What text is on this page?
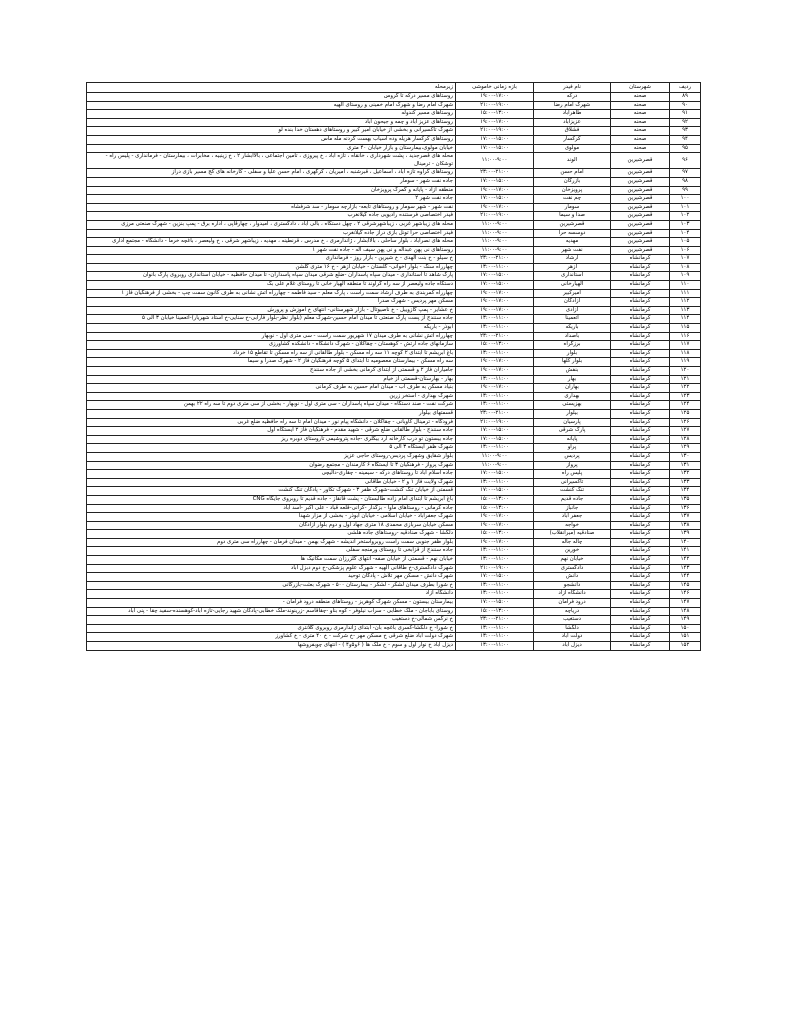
ردیف	شهرستان	نام فیدر	بازه زمانی خاموشی	زیرمحله
۸۹	صحنه	درکه	۱۹:۰۰-۱۷:۰۰	روستاهای مسیر درکه تا گروس
۹۰	صحنه	شهرک امام رضا	۲۱:۰۰-۱۹:۰۰	شهرک امام رضا و شهرک امام خمینی و روستای الهیه
۹۱	صحنه	طاهرآباد	۱۵:۰۰-۱۳:۰۰	روستاهای مسیر کندوله
۹۲	صحنه	عزیزآباد	۱۹:۰۰-۱۷:۰۰	روستاهای عزیز اباد و چمه و جیحون اباد
۹۳	صحنه	فشلاق	۲۱:۰۰-۱۹:۰۰	شهرک تاکسیرانی و بخشی از خیابان امیر کبیر و روستاهای دهستان خدا بنده لو
۹۴	صحنه	کرکسار	۱۷:۰۰-۱۵:۰۰	روستاهای کرکسار هریله وده اسیاب بهست گردنه مله ماس
۹۵	صحنه	مولوی	۱۷:۰۰-۱۵:۰۰	خیابان مولوی،بیمارستان و بازار خیابان ۴۰ متری
۹۶	قصرشیرین	الوند	۱۱:۰۰-۹:۰۰	محله های قصرجدید ، پشت شهرداری ، خانقاه ، تازه آباد ، خ پیروزی ، تامین اجتماعی ، بالاآبشار ۲ ، خ زینبیه ، مخابرات ، بیمارستان - فرمانداری - پلیس راه - توشکان - ترمینال
۹۷	قصرشیرین	امام حسن	۲۳:۰۰-۲۱:۰۰	روستاهای گراوه تازه آباد ، اسماعیل ، قبرشنبه ، امیریان ، کرگهری ، امام حسن علیا و سفلی - کارخانه های کج مسیر بازی دراز
۹۸	قصرشیرین	بازرگان	۱۷:۰۰-۱۵:۰۰	جاده نفت شهر - سومار
۹۹	قصرشیرین	پرویزخان	۱۹:۰۰-۱۷:۰۰	منطقه آزاد - پایانه و گمرک پرویزخان
۱۰۰	قصرشیرین	چم نفت	۱۷:۰۰-۱۵:۰۰	جاده نفت شهر ۲
۱۰۱	قصرشیرین	سومار	۱۹:۰۰-۱۷:۰۰	نفت شهر - شهر سومار و روستاهای تابعه- بازارچه سومار - سد شرفشاه
۱۰۲	قصرشیرین	صدا و سیما	۲۱:۰۰-۱۹:۰۰	فیدر اختصاصی فرستنده رادیویی جاده گیلانغرب
۱۰۳	قصرشیرین	قصرشیرین	۱۱:۰۰-۹:۰۰	محله های زیباشهر غربی ، زیباشهرشرقی ۲ ، چهل دستگاه ، بالی آباد ، دادگستری ، امیدوار ، چهارقاپی ، اداره برق - پمپ بنزین - شهرک صنعتی مرزی
۱۰۴	قصرشیرین	دوسسه حرا	۱۱:۰۰-۹:۰۰	فیدر اختصاصی حرا تونل بازی دراز جاده گیلانغرب
۱۰۵	قصرشیرین	مهدیه	۱۱:۰۰-۹:۰۰	محله های نصرآباد ، بلوار ساحلی ، بالاآبشار ، ژاندارمری ، خ مدرس ، قرنطینه ، مهدیه ، زیباشهر شرقی ، خ ولیعصر ، باغچه خرما - دانشگاه - مجتمع اداری
۱۰۶	قصرشیرین	نفت شهر	۱۱:۰۰-۹:۰۰	روستاهای نی پهن عبداله و نی پهن سیف اله - جاده نفت شهر ۱
۱۰۷	کرمانشاه	ارشاد	۲۳:۰۰-۲۱:۰۰	خ سیلو - خ بنت الهدی - خ شیرین - بازار روز - فرمانداری
۱۰۸	کرمانشاه	ازهر	۱۳:۰۰-۱۱:۰۰	چهارراه سنگ - بلوار اخوانی- گلستان - خیابان ازهر - خ ۱۶ متری گلشن
۱۰۹	کرمانشاه	استانداری	۱۷:۰۰-۱۵:۰۰	پارک شاهد تا استانداری - میدان سپاه پاسداران -ضلع شرقی میدان سپاه پاسداران- تا میدان حافظیه - خیابان استانداری روبروی پارک بانوان
۱۱۰	کرمانشاه	الهیارخانی	۱۷:۰۰-۱۵:۰۰	دستگاه جاده ولیعصر از سه راه گراوند تا منطقه الهیار خانی تا روستای غلام علی بگ
۱۱۱	کرمانشاه	امیرکبیر	۱۹:۰۰-۱۷:۰۰	چهارراه کمربندی به طرف ارشاد سمت راست ، پارک معلم - سید فاطمه - چهارراه آتش نشانی به طرف کانون سمت چپ - بخشی از فرهنگیان فاز ۱
۱۱۲	کرمانشاه	آزادگان	۱۹:۰۰-۱۷:۰۰	مسکن مهر پردیس - شهرک صدرا
۱۱۳	کرمانشاه	آزادی	۱۹:۰۰-۱۷:۰۰	خ عشایر - پمپ گازوییل - خ ناصیوتال - بازار شهرستانی- انتهای خ آموزش و پرورش
۱۱۴	کرمانشاه	آتعمینا	۱۳:۰۰-۱۱:۰۰	جاده سنندج از پست پارک صنعتی تا میدان امام حسین-شهرک معلم (بلوار نظر-بلوار فارابی-خ سنایی-خ استاد شهریار)-آتعمینا خیابان ۳ الی ۵
۱۱۵	کرمانشاه	باریکه	۱۳:۰۰-۱۱:۰۰	ابوذر - باریکه
۱۱۶	کرمانشاه	باصداد	۲۳:۰۰-۲۱:۰۰	چهارراه آتش نشانی به طرف میدان ۱۷ شهریور سمت راست - سی متری اول - نوبهار
۱۱۷	کرمانشاه	برزگراه	۱۵:۰۰-۱۳:۰۰	سازمانهای جاده ارتش - کوهستان - چقاکلان - شهرک دانشگاه - دانشکده کشاورزی
۱۱۸	کرمانشاه	بلوار	۱۳:۰۰-۱۱:۰۰	باغ ابریشم تا ابتدای ۲ کوچه ۱۱ سه راه مسکن - بلوار طالقانی از سه راه مسکن تا تقاطع ۱۵ خرداد
۱۱۹	کرمانشاه	بلوار کلها	۱۹:۰۰-۱۷:۰۰	سه راه مسکن - بیمارستان معصومیه تا ابتدای ۵ کوچه فرهنگیان فاز ۲ - شهرک صدرا و سیما
۱۲۰	کرمانشاه	بنفش	۱۹:۰۰-۱۷:۰۰	جامیاران فاز ۲ و قسمتی از ابتدای کرمانی بخشی از جاده سنندج
۱۲۱	کرمانشاه	بهار	۱۳:۰۰-۱۱:۰۰	بهار - بهارستان-قسمتی از خیام
۱۲۲	کرمانشاه	بهاران	۱۹:۰۰-۱۷:۰۰	بنیاد مسکن به طرف آب - میدان امام حسین به طرف کرمانی
۱۲۳	کرمانشاه	بهداری	۱۳:۰۰-۱۱:۰۰	شهرک بهداری - استخر زرین
۱۲۴	کرمانشاه	بهزیستی	۱۳:۰۰-۱۱:۰۰	شرکت نفت - صند دستگاه - میدان سپاه پاسداران - سی متری اول - نوبهار - بخشی از سی متری دوم تا سه راه ۲۲ بهمن
۱۲۵	کرمانشاه	بیلوار	۲۳:۰۰-۲۱:۰۰	قسمتهای بیلوار
۱۲۶	کرمانشاه	پارسیان	۲۱:۰۰-۱۹:۰۰	فرودگاه - ترمینال کاوبانی - چقاکلان - دانشگاه پیام نور - میدان امام تا سه راه حافظیه ضلع غربی
۱۲۷	کرمانشاه	پارک شرقی	۱۷:۰۰-۱۵:۰۰	جاده سنندج - بلوار طالقانی ضلع شرقی - شهید مقدم - فرهنگیان فاز ۲ ایستگاه اول
۱۲۸	کرمانشاه	پایانه	۱۷:۰۰-۱۵:۰۰	جاده بیستون تو درب کارخانه آرد بیگلری -جاده پتروشیمی تاروستای دوبره ریز
۱۲۹	کرمانشاه	پرآو	۱۳:۰۰-۱۱:۰۰	شهرک ظفر ایستگاه ۳ الی ۵
۱۳۰	کرمانشاه	پردیس	۱۱:۰۰-۹:۰۰	بلوار شقایق وشهرک پردیس-روستای حاجی عزیز
۱۳۱	کرمانشاه	پرواز	۱۱:۰۰-۹:۰۰	شهرک پرواز - فرهنگیان ۳ تا ایستگاه ۶ کارمندان - مجتمع رضوان
۱۳۲	کرمانشاه	پلیس راه	۱۷:۰۰-۱۵:۰۰	جاده اسلام آباد تا روستاهای درکه - سیمینه - چقاری-دالیچی
۱۳۳	کرمانشاه	تاکسیرانی	۱۳:۰۰-۱۱:۰۰	شهرک ولایت فاز ۱ و ۲ - خیابان طاقانی
۱۳۴	کرمانشاه	تنگ کنشت	۱۷:۰۰-۱۵:۰۰	قسمتی از خیابان تنگ کنشت-شهرک ظفر ۳ - شهرک تکاور - پادگان تنگ کنشت
۱۳۵	کرمانشاه	جاده قدیم	۱۵:۰۰-۱۳:۰۰	باغ ابریشم تا ابتدای امام زاده طالبستان - پشت قانقاز - جاده قدیم تا روبروی جایگاه CNG
۱۳۶	کرمانشاه	جانباز	۱۵:۰۰-۱۳:۰۰	جاده کرمانی - روستاهای ماوا - بزگدار -کرانی-قلعه قباد - علی اکبر -اسد آباد
۱۳۷	کرمانشاه	جعفر آباد	۱۹:۰۰-۱۷:۰۰	شهرک جعفرآباد - خیابان اسلامی - خیابان ابوذر - بخشی از مزار شهدا
۱۳۸	کرمانشاه	خواجه	۱۹:۰۰-۱۷:۰۰	مسکن خیابان سربازی محمدی ۱۸ متری جهاد اول و دوم بلوار آزادگان
۱۳۹	کرمانشاه	صنادقیه (میرانقلاب)	۱۵:۰۰-۱۳:۰۰	دلگشا - شهرک صنادقیه -روستاهای جاده هلشی
۱۴۰	کرمانشاه	چاله جاله	۱۹:۰۰-۱۷:۰۰	بلوار ظفر جنوبی سمت راست روبرواستخر اندیشه - شهرک بهمن - میدان فرمان - چهارراه سی متری دوم
۱۴۱	کرمانشاه	خورین	۱۳:۰۰-۱۱:۰۰	جاده سنندج از قزابخی تا روستای ورمنجه سفلی
۱۴۲	کرمانشاه	خیابان نهم	۱۳:۰۰-۱۱:۰۰	خیابان نهم - قسمتی از خیابان صفه- انتهای گلزرزان سمت مکانیک ها
۱۴۳	کرمانشاه	دادگستری	۲۱:۰۰-۱۹:۰۰	شهرک دادگستری-خ طاقانی الهیه - شهرک علوم پزشکی-خ دوم دبزل آباد
۱۴۴	کرمانشاه	دانش	۱۷:۰۰-۱۵:۰۰	شهرک دانش - مسکن مهر تلاش - پادگان توحید
۱۴۵	کرمانشاه	دانشجو	۱۳:۰۰-۱۱:۰۰	خ شورا بطرف میدان لشکر - لشکر - بیمارستان ۵۰۰ - شهرک بعثت-بازرگانی
۱۴۶	کرمانشاه	دانشگاه آزاد	۱۳:۰۰-۱۱:۰۰	دانشگاه آزاد
۱۴۷	کرمانشاه	درود فرامان	۱۷:۰۰-۱۵:۰۰	بیمارستان بیستون - مسکن شهرک کوهریز - روستاهای منطقه درود فرامان -
۱۴۸	کرمانشاه	دریاچه	۱۵:۰۰-۱۳:۰۰	روستای باباجان - ملک خطابی - سراب نیلوفر - کوه بناو -چقاقاسم -زرینوند-ملک خطابی-پادگان شهید رجایی-تازه آباد-کوهسنده-سفید چقا - پنی آباد
۱۴۹	کرمانشاه	دستغیب	۲۳:۰۰-۲۱:۰۰	خ نرگس شمالی-خ دستغیب
۱۵۰	کرمانشاه	دلگشا	۱۳:۰۰-۱۱:۰۰	خ شورا- خ دلگشا-کسری باغچه بان- ابتدای ژاندارمری روبروی گلانتری
۱۵۱	کرمانشاه	دولت آباد	۱۳:۰۰-۱۱:۰۰	شهرک دولت آباد ضلع شرقی خ مسکن مهر -خ شرکت - خ ۴۰ متری - خ کشاورز
۱۵۲	کرمانشاه	دیزل آباد	۱۳:۰۰-۱۱:۰۰	دیزل آباد خ نوار اول و سوم - خ ملک ها ( ۶و۵و۴ ) - انتهای چوبفروشها
